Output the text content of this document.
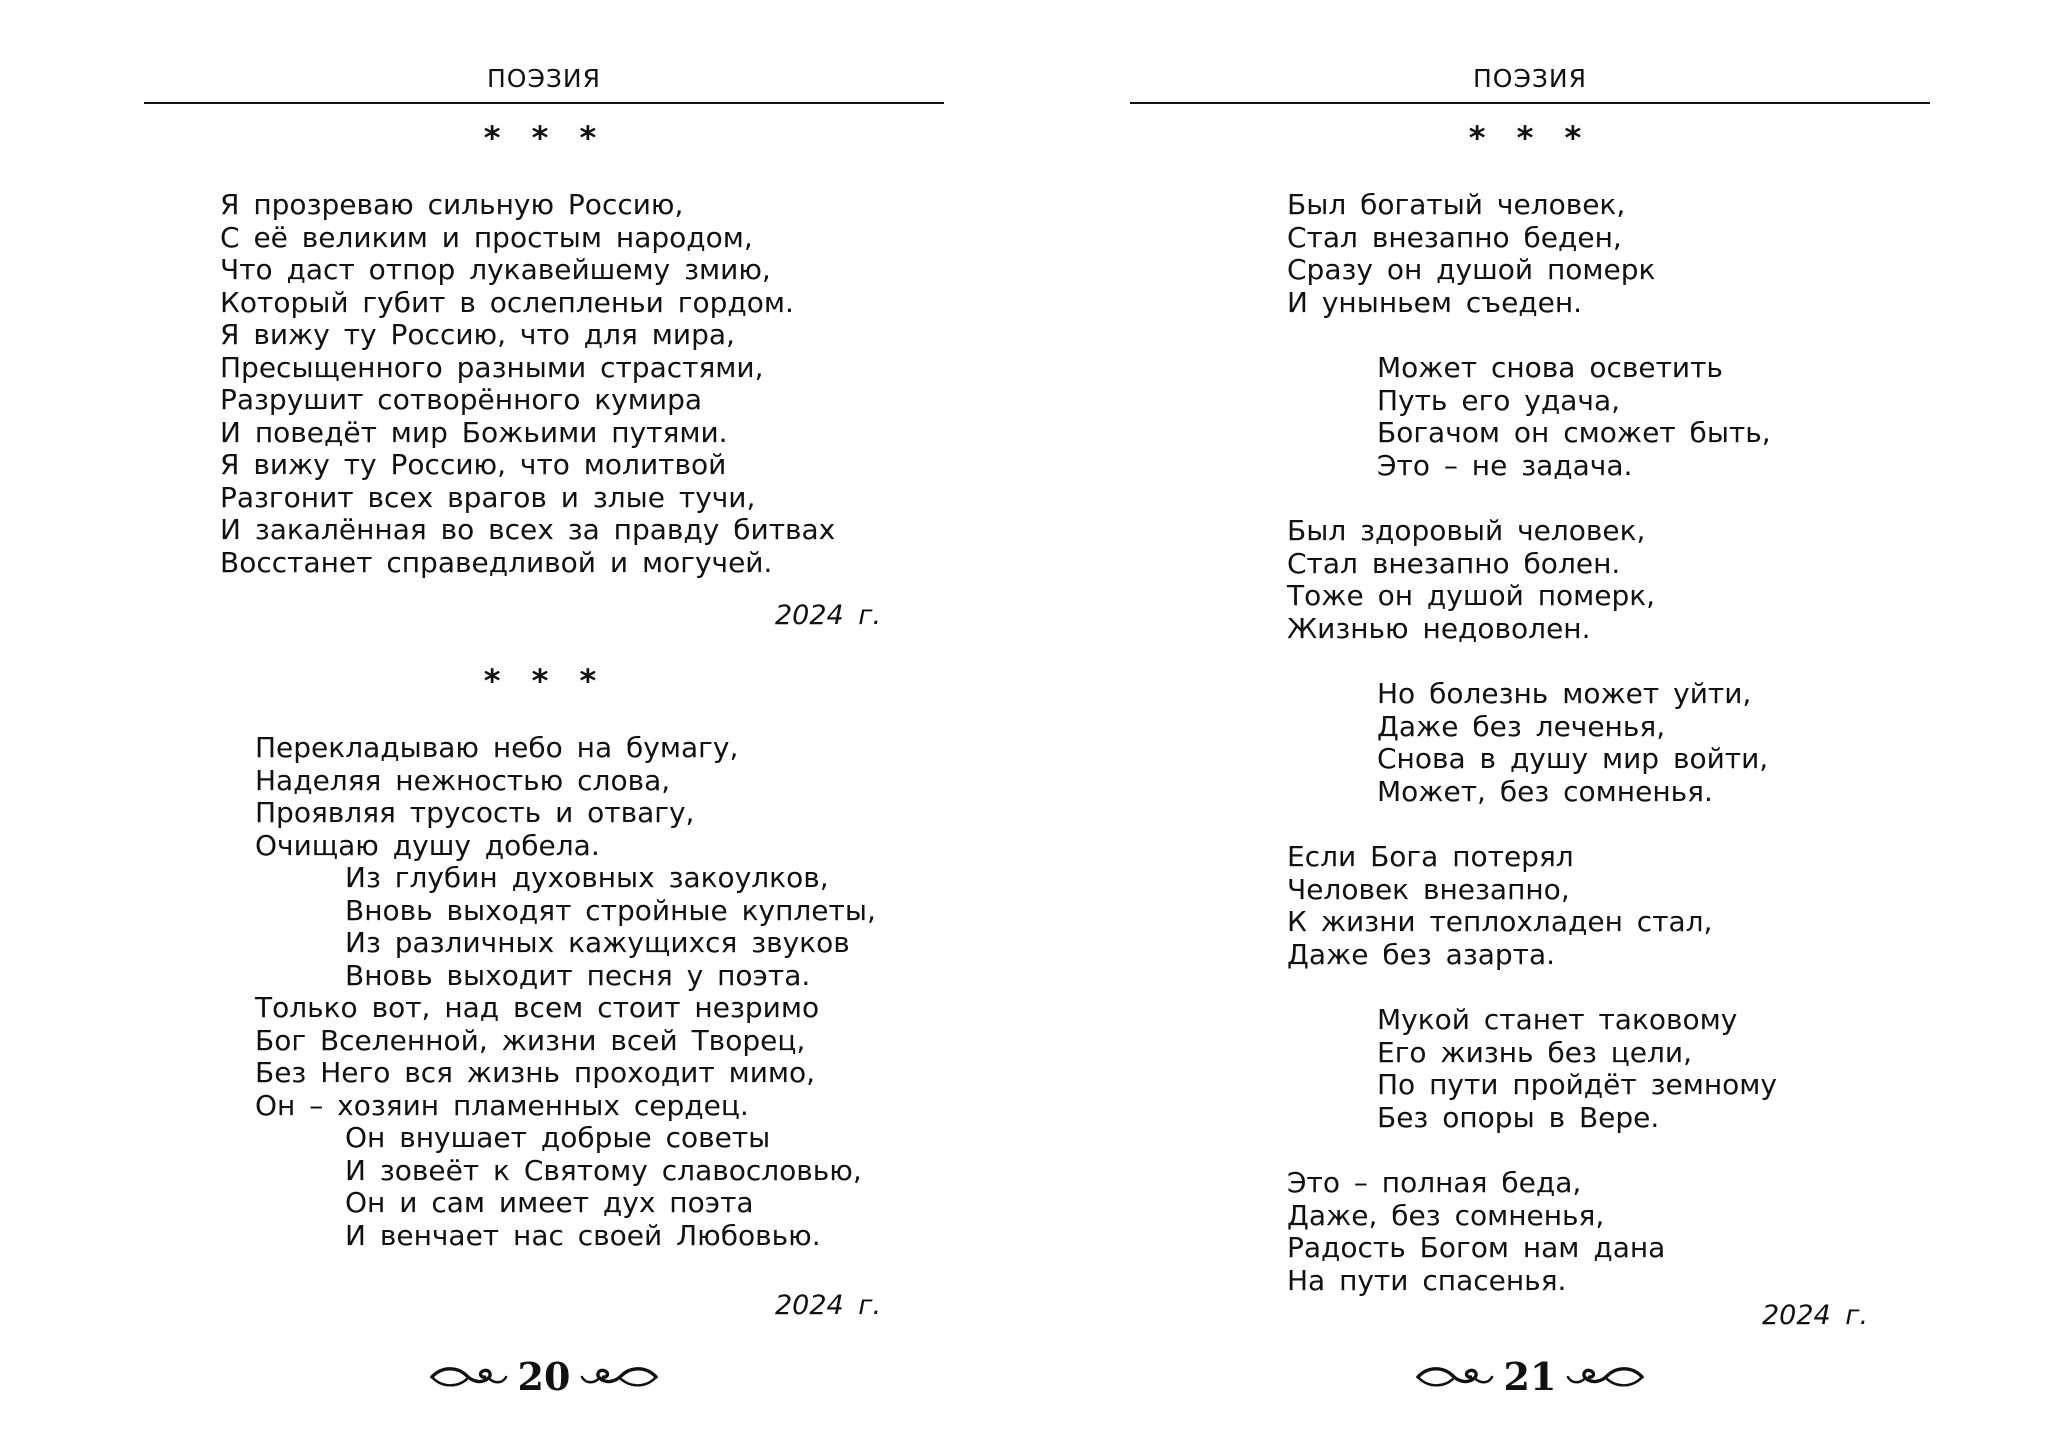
ПОЭЗИЯ
* * *
Я прозреваю сильную Россию,
С её великим и простым народом,
Что даст отпор лукавейшему змию,
Который губит в ослепленьи гордом.
Я вижу ту Россию, что для мира,
Пресыщенного разными страстями,
Разрушит сотворённого кумира
И поведёт мир Божьими путями.
Я вижу ту Россию, что молитвой
Разгонит всех врагов и злые тучи,
И закалённая во всех за правду битвах
Восстанет справедливой и могучей.
2024 г.
* * *
Перекладываю небо на бумагу,
Наделяя нежностью слова,
Проявляя трусость и отвагу,
Очищаю душу добела.
Из глубин духовных закоулков,
Вновь выходят стройные куплеты,
Из различных кажущихся звуков
Вновь выходит песня у поэта.
Только вот, над всем стоит незримо
Бог Вселенной, жизни всей Творец,
Без Него вся жизнь проходит мимо,
Он – хозяин пламенных сердец.
Он внушает добрые советы
И зовеёт к Святому славословью,
Он и сам имеет дух поэта
И венчает нас своей Любовью.
2024 г.
20
ПОЭЗИЯ
* * *
Был богатый человек,
Стал внезапно беден,
Сразу он душой померк
И уныньем съеден.
Может снова осветить
Путь его удача,
Богачом он сможет быть,
Это – не задача.
Был здоровый человек,
Стал внезапно болен.
Тоже он душой померк,
Жизнью недоволен.
Но болезнь может уйти,
Даже без леченья,
Снова в душу мир войти,
Может, без сомненья.
Если Бога потерял
Человек внезапно,
К жизни теплохладен стал,
Даже без азарта.
Мукой станет таковому
Его жизнь без цели,
По пути пройдёт земному
Без опоры в Вере.
Это – полная беда,
Даже, без сомненья,
Радость Богом нам дана
На пути спасенья.
2024 г.
21
